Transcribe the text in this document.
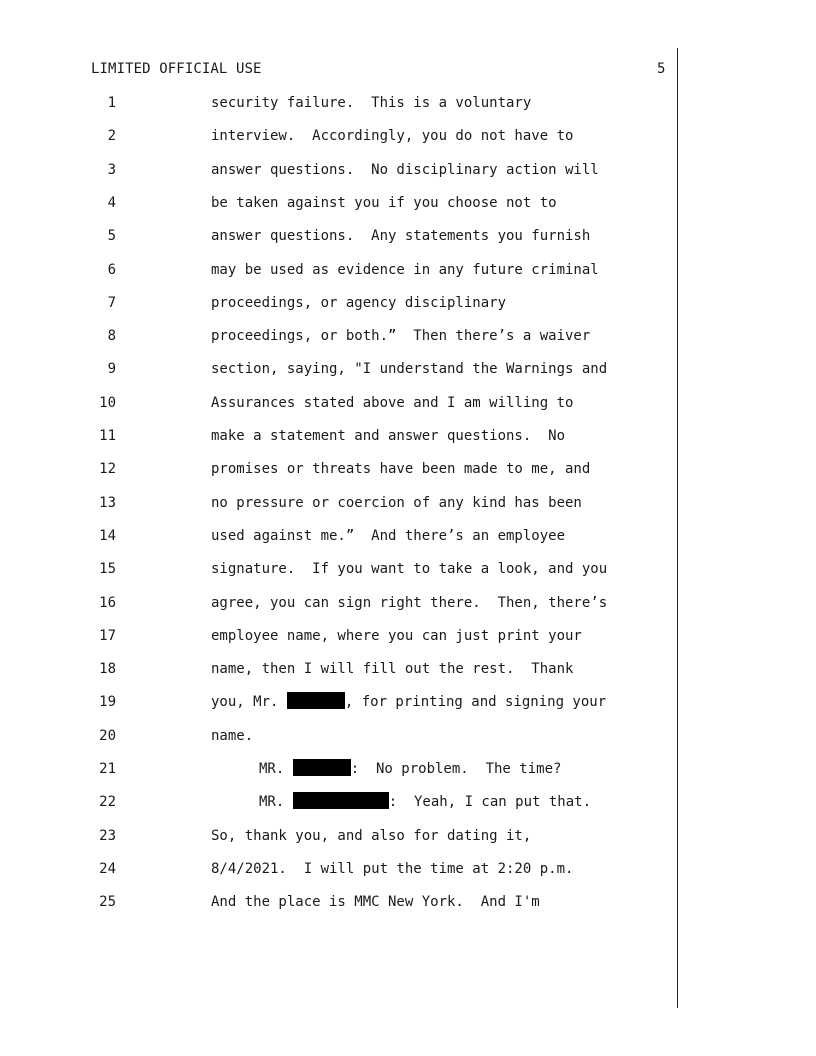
LIMITED OFFICIAL USE	5
1	security failure.  This is a voluntary
2	interview.  Accordingly, you do not have to
3	answer questions.  No disciplinary action will
4	be taken against you if you choose not to
5	answer questions.  Any statements you furnish
6	may be used as evidence in any future criminal
7	proceedings, or agency disciplinary
8	proceedings, or both.”  Then there’s a waiver
9	section, saying, "I understand the Warnings and
10	Assurances stated above and I am willing to
11	make a statement and answer questions.  No
12	promises or threats have been made to me, and
13	no pressure or coercion of any kind has been
14	used against me.”  And there’s an employee
15	signature.  If you want to take a look, and you
16	agree, you can sign right there.  Then, there’s
17	employee name, where you can just print your
18	name, then I will fill out the rest.  Thank
19	you, Mr.	, for printing and signing your
20	name.
21	MR.	:  No problem.  The time?
22	MR.	:  Yeah, I can put that.
23	So, thank you, and also for dating it,
24	8/4/2021.  I will put the time at 2:20 p.m.
25	And the place is MMC New York.  And I'm
